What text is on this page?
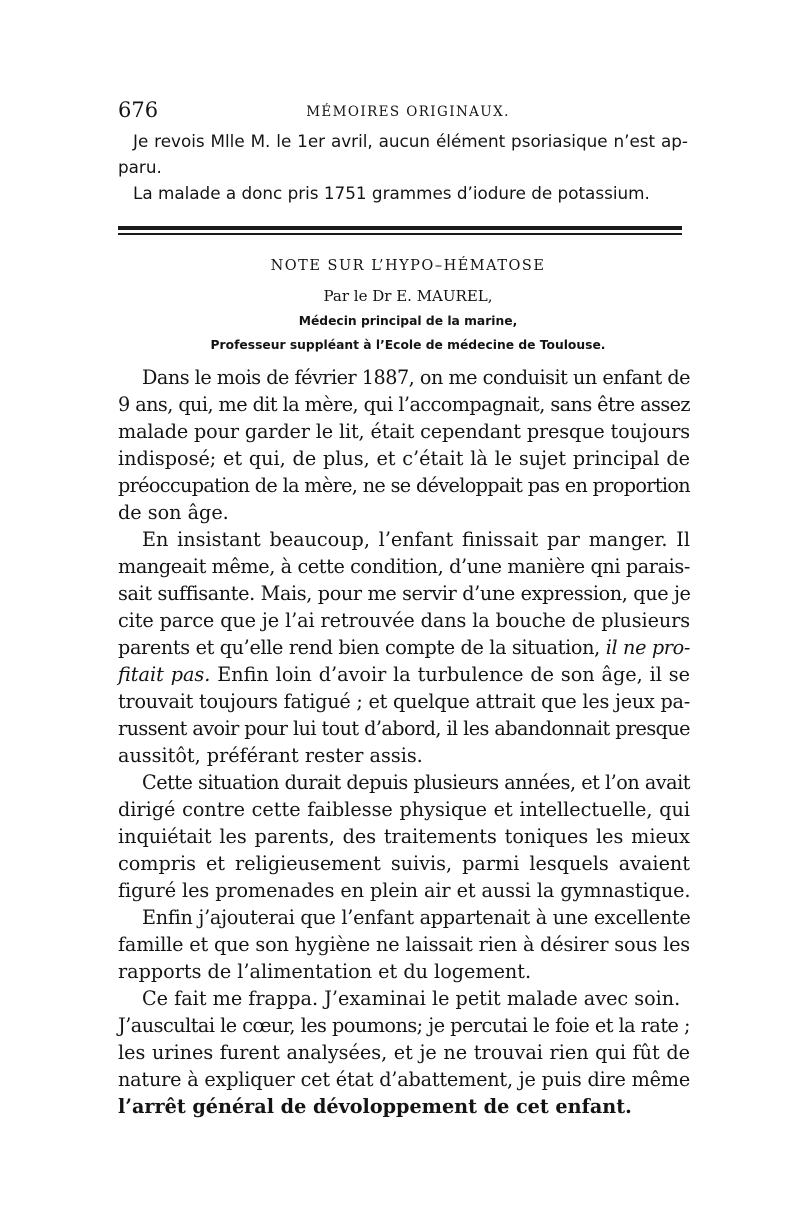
676	MÉMOIRES ORIGINAUX.
Je revois Mlle M. le 1er avril, aucun élément psoriasique n’est ap-
paru.
La malade a donc pris 1751 grammes d’iodure de potassium.
NOTE SUR L’HYPO–HÉMATOSE
Par le Dr E. MAUREL,
Médecin principal de la marine,
Professeur suppléant à l’Ecole de médecine de Toulouse.
Dans le mois de février 1887, on me conduisit un enfant de
9 ans, qui, me dit la mère, qui l’accompagnait, sans être assez
malade pour garder le lit, était cependant presque toujours
indisposé; et qui, de plus, et c’était là le sujet principal de
préoccupation de la mère, ne se développait pas en proportion
de son âge.
En insistant beaucoup, l’enfant finissait par manger. Il
mangeait même, à cette condition, d’une manière qni parais-
sait suffisante. Mais, pour me servir d’une expression, que je
cite parce que je l’ai retrouvée dans la bouche de plusieurs
parents et qu’elle rend bien compte de la situation, il ne pro-
fitait pas. Enfin loin d’avoir la turbulence de son âge, il se
trouvait toujours fatigué ; et quelque attrait que les jeux pa-
russent avoir pour lui tout d’abord, il les abandonnait presque
aussitôt, préférant rester assis.
Cette situation durait depuis plusieurs années, et l’on avait
dirigé contre cette faiblesse physique et intellectuelle, qui
inquiétait les parents, des traitements toniques les mieux
compris et religieusement suivis, parmi lesquels avaient
figuré les promenades en plein air et aussi la gymnastique.
Enfin j’ajouterai que l’enfant appartenait à une excellente
famille et que son hygiène ne laissait rien à désirer sous les
rapports de l’alimentation et du logement.
Ce fait me frappa. J’examinai le petit malade avec soin.
J’auscultai le cœur, les poumons; je percutai le foie et la rate ;
les urines furent analysées, et je ne trouvai rien qui fût de
nature à expliquer cet état d’abattement, je puis dire même
l’arrêt général de dévoloppement de cet enfant.
